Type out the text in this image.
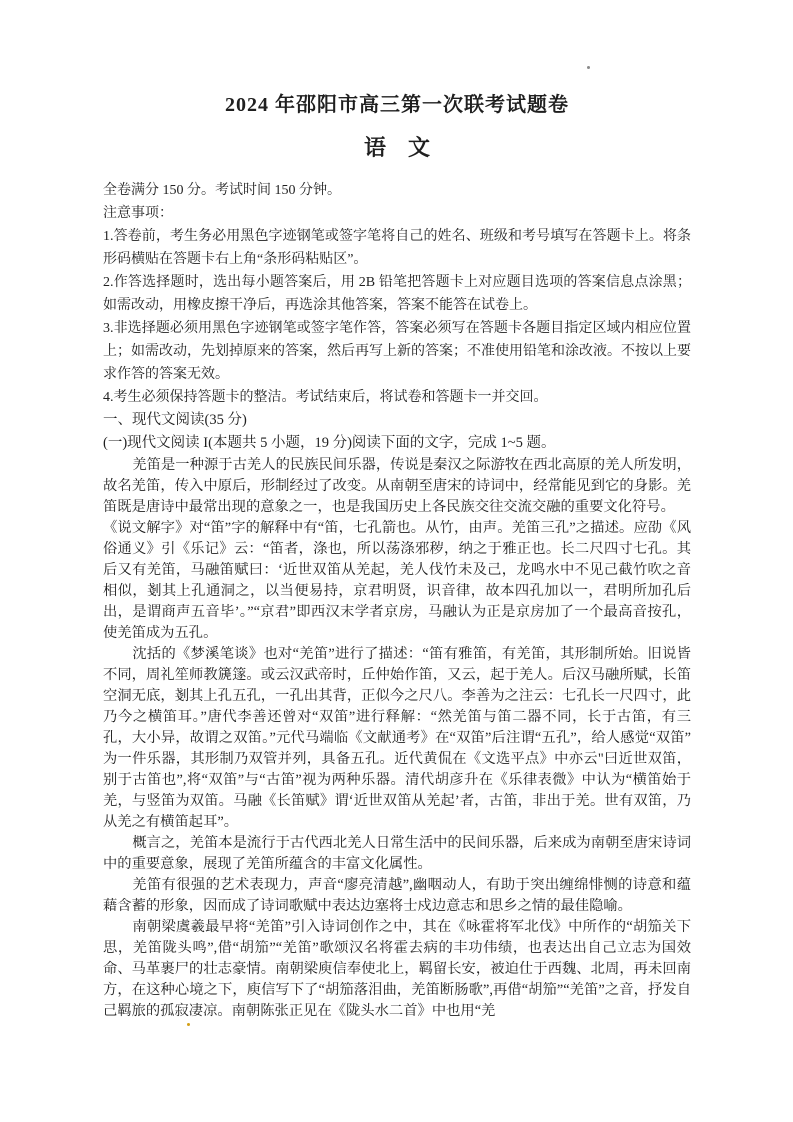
2024 年邵阳市高三第一次联考试题卷
语　文
全卷满分 150 分。考试时间 150 分钟。
注意事项：

1.答卷前，考生务必用黑色字迹钢笔或签字笔将自己的姓名、班级和考号填写在答题卡上。将条形码横贴在答题卡右上角“条形码粘贴区”。

2.作答选择题时，选出每小题答案后，用 2B 铅笔把答题卡上对应题目选项的答案信息点涂黑；如需改动，用橡皮擦干净后，再选涂其他答案，答案不能答在试卷上。

3.非选择题必须用黑色字迹钢笔或签字笔作答，答案必须写在答题卡各题目指定区域内相应位置上；如需改动，先划掉原来的答案，然后再写上新的答案；不准使用铅笔和涂改液。不按以上要求作答的答案无效。

4.考生必须保持答题卡的整洁。考试结束后，将试卷和答题卡一并交回。

一、现代文阅读(35 分)
(一)现代文阅读 I(本题共 5 小题，19 分)阅读下面的文字，完成 1~5 题。

羌笛是一种源于古羌人的民族民间乐器，传说是秦汉之际游牧在西北高原的羌人所发明，故名羌笛，传入中原后，形制经过了改变。从南朝至唐宋的诗词中，经常能见到它的身影。羌笛既是唐诗中最常出现的意象之一，也是我国历史上各民族交往交流交融的重要文化符号。

《说文解字》对“笛”字的解释中有“笛，七孔箭也。从竹，由声。羌笛三孔”之描述。应劭《风俗通义》引《乐记》云：“笛者，涤也，所以荡涤邪秽，纳之于雅正也。长二尺四寸七孔。其后又有羌笛，马融笛赋曰：‘近世双笛从羌起，羌人伐竹未及己，龙鸣水中不见己截竹吹之音相似，剗其上孔通洞之，以当便易持，京君明贤，识音律，故本四孔加以一，君明所加孔后出，是谓商声五音毕’。”“京君”即西汉末学者京房，马融认为正是京房加了一个最高音按孔，使羌笛成为五孔。

沈括的《梦溪笔谈》也对“羌笛”进行了描述：“笛有雅笛，有羌笛，其形制所始。旧说皆不同，周礼笙师教篪篴。或云汉武帝时，丘仲始作笛，又云，起于羌人。后汉马融所赋，长笛空洞无底，剗其上孔五孔，一孔出其背，正似今之尺八。李善为之注云：七孔长一尺四寸，此乃今之横笛耳。”唐代李善还曾对“双笛”进行释解：“然羌笛与笛二器不同，长于古笛，有三孔，大小异，故谓之双笛。”元代马端临《文献通考》在“双笛”后注谓“五孔”，给人感觉“双笛”为一件乐器，其形制乃双管并列，具备五孔。近代黄侃在《文选平点》中亦云"曰近世双笛，别于古笛也”,将“双笛”与“古笛”视为两种乐器。清代胡彦升在《乐律表微》中认为“横笛始于羌，与竖笛为双笛。马融《长笛赋》谓‘近世双笛从羌起’者，古笛，非出于羌。世有双笛，乃从羌之有横笛起耳”。

概言之，羌笛本是流行于古代西北羌人日常生活中的民间乐器，后来成为南朝至唐宋诗词中的重要意象，展现了羌笛所蕴含的丰富文化属性。

羌笛有很强的艺术表现力，声音“廖亮清越”,幽咽动人，有助于突出缠绵悱恻的诗意和蕴藉含蓄的形象，因而成了诗词歌赋中表达边塞将士戍边意志和思乡之情的最佳隐喻。

南朝梁虞羲最早将“羌笛”引入诗词创作之中，其在《咏霍将军北伐》中所作的“胡笳关下思，羌笛陇头鸣”,借“胡笳”“羌笛”歌颂汉名将霍去病的丰功伟绩，也表达出自己立志为国效命、马革裹尸的壮志豪情。南朝梁庾信奉使北上，羁留长安，被迫仕于西魏、北周，再未回南方，在这种心境之下，庾信写下了“胡笳落泪曲，羌笛断肠歌”,再借“胡笳”“羌笛”之音，抒发自己羁旅的孤寂凄凉。南朝陈张正见在《陇头水二首》中也用“羌
